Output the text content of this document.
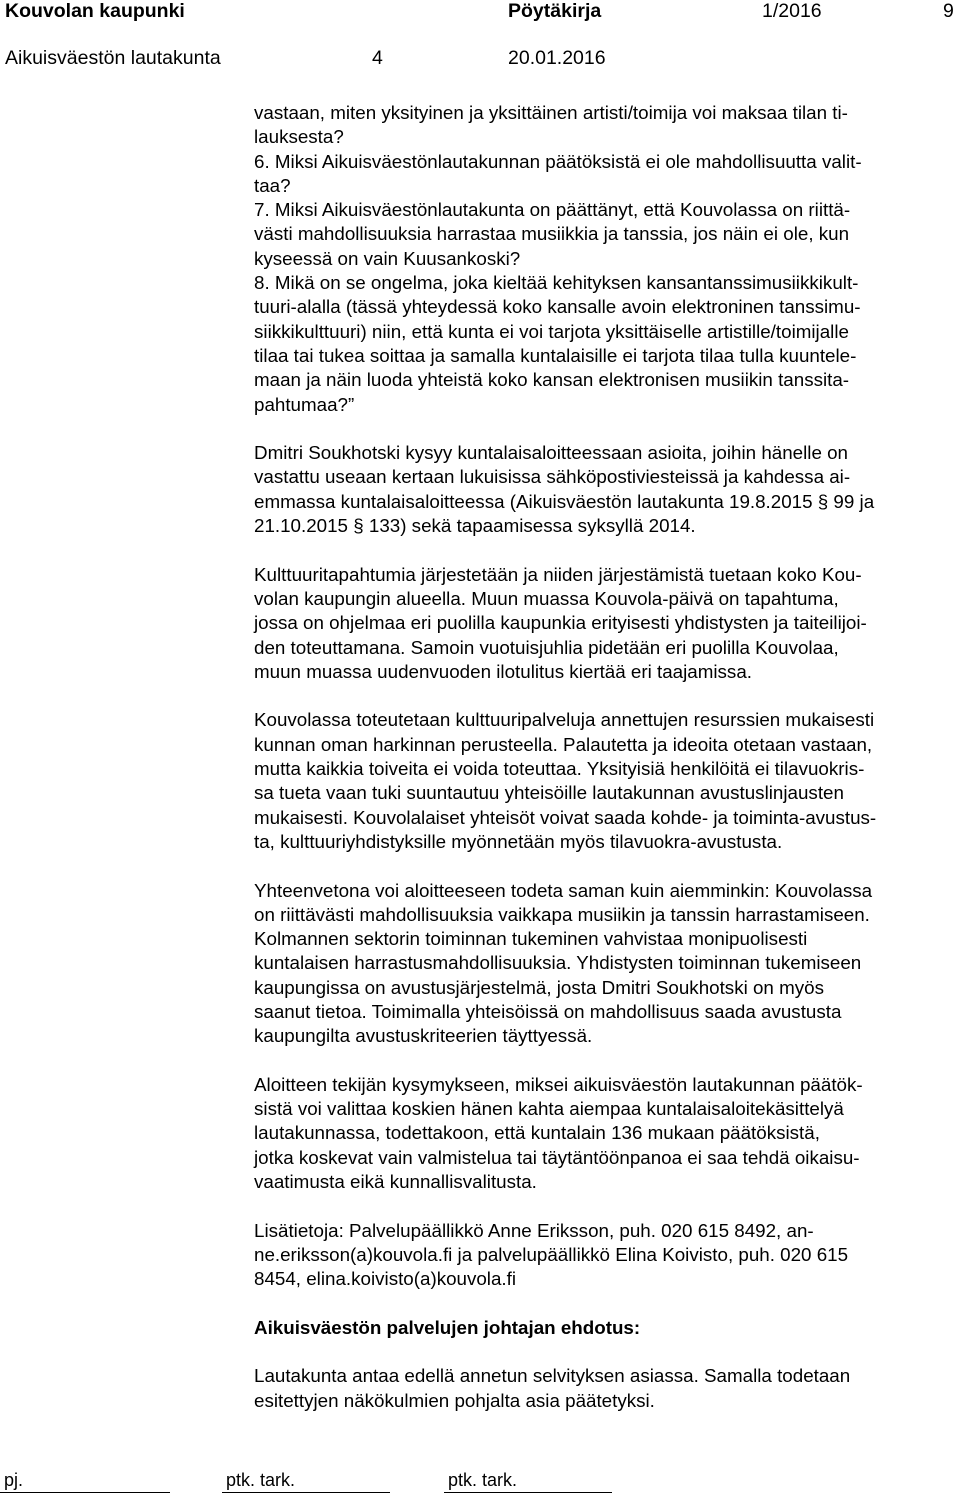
Kouvolan kaupunki	Pöytäkirja	1/2016	9
Aikuisväestön lautakunta	4	20.01.2016
vastaan, miten yksityinen ja yksittäinen artisti/toimija voi maksaa tilan ti-
lauksesta?
6. Miksi Aikuisväestönlautakunnan päätöksistä ei ole mahdollisuutta valit-
taa?
7. Miksi Aikuisväestönlautakunta on päättänyt, että Kouvolassa on riittä-
västi mahdollisuuksia harrastaa musiikkia ja tanssia, jos näin ei ole, kun
kyseessä on vain Kuusankoski?
8. Mikä on se ongelma, joka kieltää kehityksen kansantanssimusiikkikult-
tuuri-alalla (tässä yhteydessä koko kansalle avoin elektroninen tanssimu-
siikkikulttuuri) niin, että kunta ei voi tarjota yksittäiselle artistille/toimijalle
tilaa tai tukea soittaa ja samalla kuntalaisille ei tarjota tilaa tulla kuuntele-
maan ja näin luoda yhteistä koko kansan elektronisen musiikin tanssita-
pahtumaa?”
Dmitri Soukhotski kysyy kuntalaisaloitteessaan asioita, joihin hänelle on
vastattu useaan kertaan lukuisissa sähköpostiviesteissä ja kahdessa ai-
emmassa kuntalaisaloitteessa (Aikuisväestön lautakunta 19.8.2015 § 99 ja
21.10.2015 § 133) sekä tapaamisessa syksyllä 2014.
Kulttuuritapahtumia järjestetään ja niiden järjestämistä tuetaan koko Kou-
volan kaupungin alueella. Muun muassa Kouvola-päivä on tapahtuma,
jossa on ohjelmaa eri puolilla kaupunkia erityisesti yhdistysten ja taiteilijoi-
den toteuttamana. Samoin vuotuisjuhlia pidetään eri puolilla Kouvolaa,
muun muassa uudenvuoden ilotulitus kiertää eri taajamissa.
Kouvolassa toteutetaan kulttuuripalveluja annettujen resurssien mukaisesti
kunnan oman harkinnan perusteella. Palautetta ja ideoita otetaan vastaan,
mutta kaikkia toiveita ei voida toteuttaa. Yksityisiä henkilöitä ei tilavuokris-
sa tueta vaan tuki suuntautuu yhteisöille lautakunnan avustuslinjausten
mukaisesti. Kouvolalaiset yhteisöt voivat saada kohde- ja toiminta-avustus-
ta, kulttuuriyhdistyksille myönnetään myös tilavuokra-avustusta.
Yhteenvetona voi aloitteeseen todeta saman kuin aiemminkin: Kouvolassa
on riittävästi mahdollisuuksia vaikkapa musiikin ja tanssin harrastamiseen.
Kolmannen sektorin toiminnan tukeminen vahvistaa monipuolisesti
kuntalaisen harrastusmahdollisuuksia. Yhdistysten toiminnan tukemiseen
kaupungissa on avustusjärjestelmä, josta Dmitri Soukhotski on myös
saanut tietoa. Toimimalla yhteisöissä on mahdollisuus saada avustusta
kaupungilta avustuskriteerien täyttyessä.
Aloitteen tekijän kysymykseen, miksei aikuisväestön lautakunnan päätök-
sistä voi valittaa koskien hänen kahta aiempaa kuntalaisaloitekäsittelyä
lautakunnassa, todettakoon, että kuntalain 136 mukaan päätöksistä,
jotka koskevat vain valmistelua tai täytäntöönpanoa ei saa tehdä oikaisu-
vaatimusta eikä kunnallisvalitusta.
Lisätietoja: Palvelupäällikkö Anne Eriksson, puh. 020 615 8492, an-
ne.eriksson(a)kouvola.fi ja palvelupäällikkö Elina Koivisto, puh. 020 615
8454, elina.koivisto(a)kouvola.fi
Aikuisväestön palvelujen johtajan ehdotus:
Lautakunta antaa edellä annetun selvityksen asiassa. Samalla todetaan
esitettyjen näkökulmien pohjalta asia päätetyksi.
pj.	ptk. tark.	ptk. tark.
